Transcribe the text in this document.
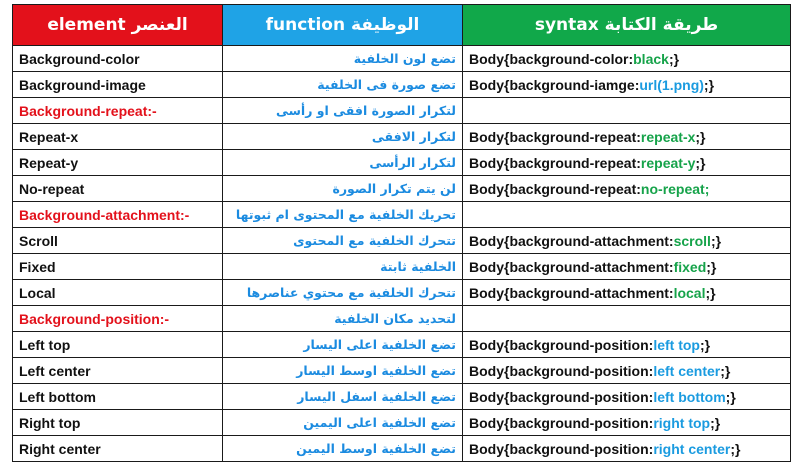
element العنصر	function الوظيفة	syntax طريقة الكتابة
Background-color	تضع لون الخلفية	Body{background-color:black;}
Background-image	تضع صورة فى الخلفية	Body{background-iamge:url(1.png);}
Background-repeat:-	لتكرار الصورة افقى او رأسى	
Repeat-x	لتكرار الافقى	Body{background-repeat:repeat-x;}
Repeat-y	لتكرار الرأسى	Body{background-repeat:repeat-y;}
No-repeat	لن يتم تكرار الصورة	Body{background-repeat:no-repeat;
Background-attachment:-	تحريك الخلفية مع المحتوى ام ثبوتها	
Scroll	تتحرك الخلفية مع المحتوى	Body{background-attachment:scroll;}
Fixed	الخلفية ثابتة	Body{background-attachment:fixed;}
Local	تتحرك الخلفية مع محتوي عناصرها	Body{background-attachment:local;}
Background-position:-	لتحديد مكان الخلفية	
Left top	تضع الخلفية اعلى اليسار	Body{background-position:left top;}
Left center	تضع الخلفية اوسط اليسار	Body{background-position:left center;}
Left bottom	تضع الخلفية اسفل اليسار	Body{background-position:left bottom;}
Right top	تضع الخلفية اعلى اليمين	Body{background-position:right top;}
Right center	تضع الخلفية اوسط اليمين	Body{background-position:right center;}
